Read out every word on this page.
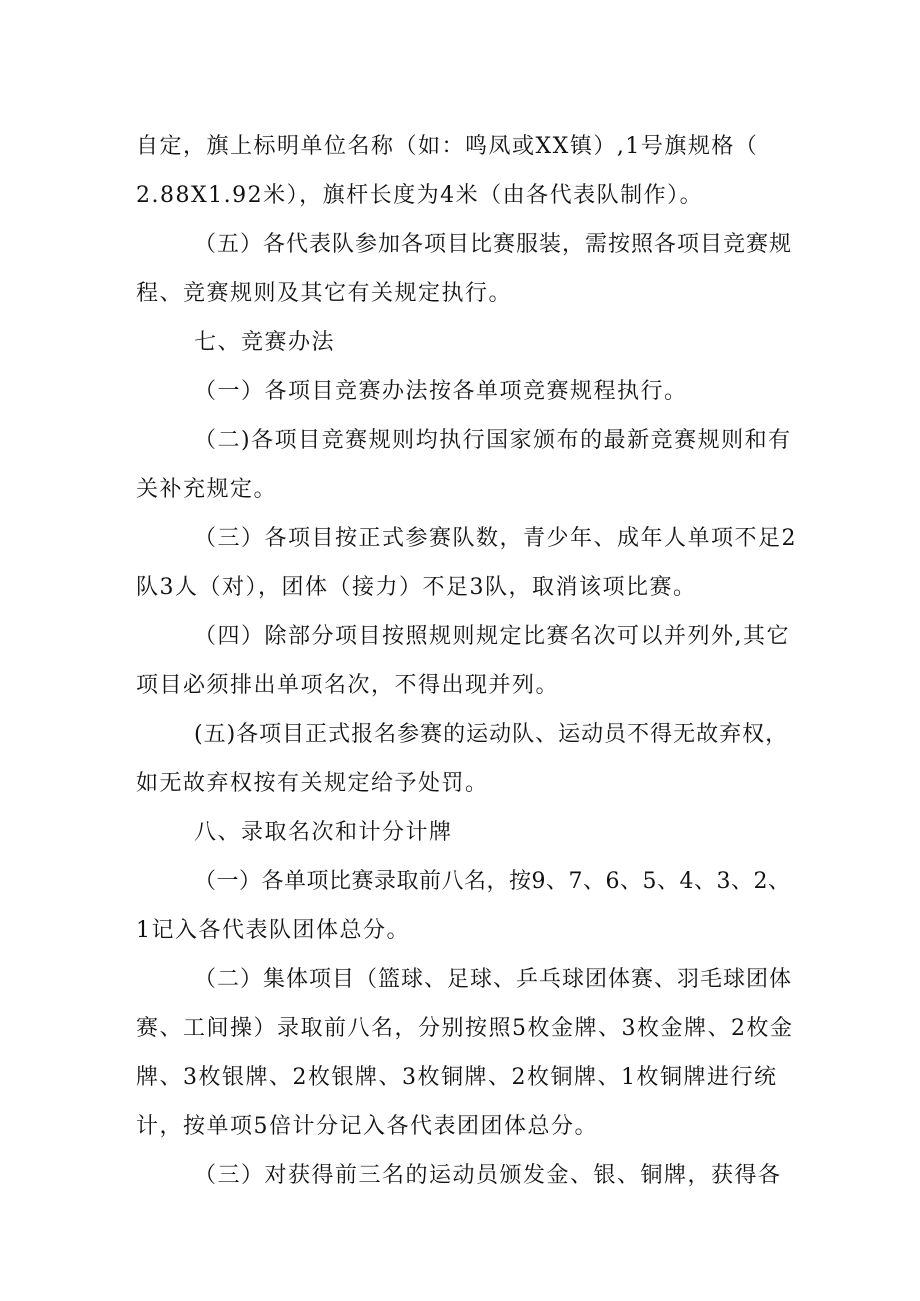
自定，旗上标明单位名称（如：鸣凤或XX镇）,1号旗规格（
2.88X1.92米），旗杆长度为4米（由各代表队制作）。
（五）各代表队参加各项目比赛服装，需按照各项目竞赛规
程、竞赛规则及其它有关规定执行。
七、竞赛办法
（一）各项目竞赛办法按各单项竞赛规程执行。
（二)各项目竞赛规则均执行国家颁布的最新竞赛规则和有
关补充规定。
（三）各项目按正式参赛队数，青少年、成年人单项不足2
队3人（对），团体（接力）不足3队，取消该项比赛。
（四）除部分项目按照规则规定比赛名次可以并列外,其它
项目必须排出单项名次，不得出现并列。
(五)各项目正式报名参赛的运动队、运动员不得无故弃权，
如无故弃权按有关规定给予处罚。
八、录取名次和计分计牌
（一）各单项比赛录取前八名，按9、7、6、5、4、3、2、
1记入各代表队团体总分。
（二）集体项目（篮球、足球、乒乓球团体赛、羽毛球团体
赛、工间操）录取前八名，分别按照5枚金牌、3枚金牌、2枚金
牌、3枚银牌、2枚银牌、3枚铜牌、2枚铜牌、1枚铜牌进行统
计，按单项5倍计分记入各代表团团体总分。
（三）对获得前三名的运动员颁发金、银、铜牌，获得各
